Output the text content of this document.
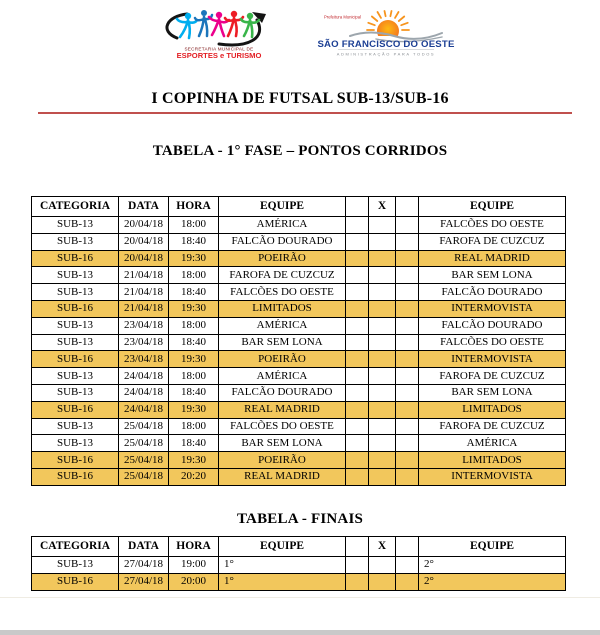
SECRETARIA MUNICIPAL DE
ESPORTES e TURISMO
Prefeitura Municipal
SÃO FRANCISCO DO OESTE
ADMINISTRAÇÃO PARA TODOS
I COPINHA DE FUTSAL SUB-13/SUB-16
TABELA - 1° FASE – PONTOS CORRIDOS
CATEGORIA	DATA	HORA	EQUIPE		X		EQUIPE
SUB-13	20/04/18	18:00	AMÉRICA				FALCÕES DO OESTE
SUB-13	20/04/18	18:40	FALCÃO DOURADO				FAROFA DE CUZCUZ
SUB-16	20/04/18	19:30	POEIRÃO				REAL MADRID
SUB-13	21/04/18	18:00	FAROFA DE CUZCUZ				BAR SEM LONA
SUB-13	21/04/18	18:40	FALCÕES DO OESTE				FALCÃO DOURADO
SUB-16	21/04/18	19:30	LIMITADOS				INTERMOVISTA
SUB-13	23/04/18	18:00	AMÉRICA				FALCÃO DOURADO
SUB-13	23/04/18	18:40	BAR SEM LONA				FALCÕES DO OESTE
SUB-16	23/04/18	19:30	POEIRÃO				INTERMOVISTA
SUB-13	24/04/18	18:00	AMÉRICA				FAROFA DE CUZCUZ
SUB-13	24/04/18	18:40	FALCÃO DOURADO				BAR SEM LONA
SUB-16	24/04/18	19:30	REAL MADRID				LIMITADOS
SUB-13	25/04/18	18:00	FALCÕES DO OESTE				FAROFA DE CUZCUZ
SUB-13	25/04/18	18:40	BAR SEM LONA				AMÉRICA
SUB-16	25/04/18	19:30	POEIRÃO				LIMITADOS
SUB-16	25/04/18	20:20	REAL MADRID				INTERMOVISTA
TABELA - FINAIS
CATEGORIA	DATA	HORA	EQUIPE		X		EQUIPE
SUB-13	27/04/18	19:00	1°				2°
SUB-16	27/04/18	20:00	1°				2°
